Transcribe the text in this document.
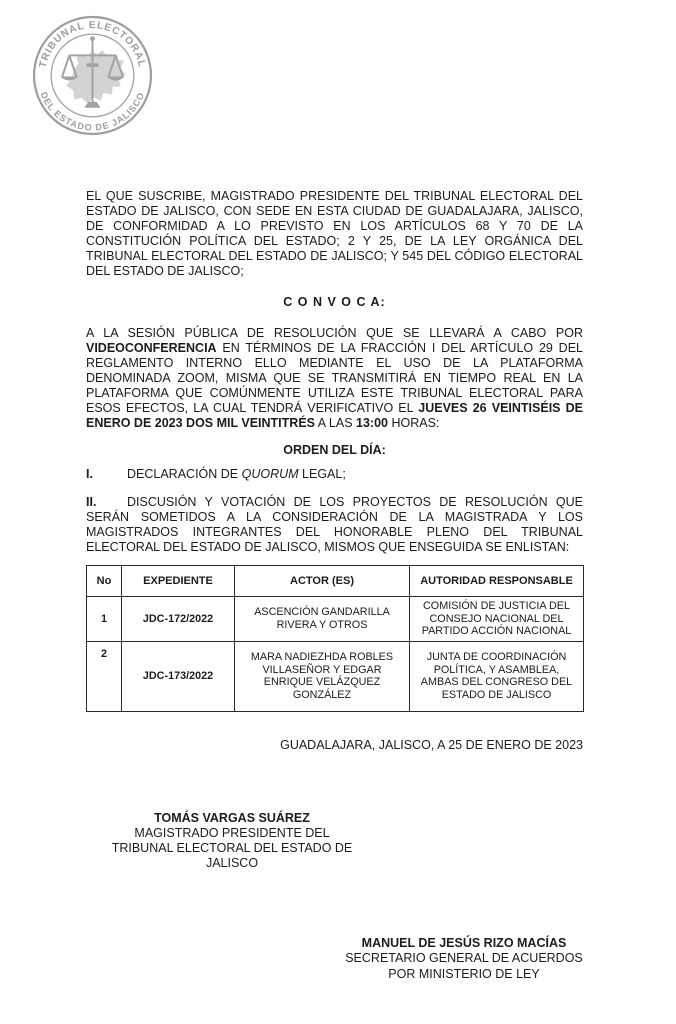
TRIBUNAL ELECTORAL
DEL ESTADO DE JALISCO

EL QUE SUSCRIBE, MAGISTRADO PRESIDENTE DEL TRIBUNAL ELECTORAL DEL ESTADO DE JALISCO, CON SEDE EN ESTA CIUDAD DE GUADALAJARA, JALISCO, DE CONFORMIDAD A LO PREVISTO EN LOS ARTÍCULOS 68 Y 70 DE LA CONSTITUCIÓN POLÍTICA DEL ESTADO; 2 Y 25, DE LA LEY ORGÁNICA DEL TRIBUNAL ELECTORAL DEL ESTADO DE JALISCO; Y 545 DEL CÓDIGO ELECTORAL DEL ESTADO DE JALISCO;

C O N V O C A:

A LA SESIÓN PÚBLICA DE RESOLUCIÓN QUE SE LLEVARÁ A CABO POR VIDEOCONFERENCIA EN TÉRMINOS DE LA FRACCIÓN I DEL ARTÍCULO 29 DEL REGLAMENTO INTERNO ELLO MEDIANTE EL USO DE LA PLATAFORMA DENOMINADA ZOOM, MISMA QUE SE TRANSMITIRÁ EN TIEMPO REAL EN LA PLATAFORMA QUE COMÚNMENTE UTILIZA ESTE TRIBUNAL ELECTORAL PARA ESOS EFECTOS, LA CUAL TENDRÁ VERIFICATIVO EL JUEVES 26 VEINTISÉIS DE ENERO DE 2023 DOS MIL VEINTITRÉS A LAS 13:00 HORAS:

ORDEN DEL DÍA:

I.	DECLARACIÓN DE QUORUM LEGAL;

II. DISCUSIÓN Y VOTACIÓN DE LOS PROYECTOS DE RESOLUCIÓN QUE SERÁN SOMETIDOS A LA CONSIDERACIÓN DE LA MAGISTRADA Y LOS MAGISTRADOS INTEGRANTES DEL HONORABLE PLENO DEL TRIBUNAL ELECTORAL DEL ESTADO DE JALISCO, MISMOS QUE ENSEGUIDA SE ENLISTAN:

No	EXPEDIENTE	ACTOR (ES)	AUTORIDAD RESPONSABLE
1	JDC-172/2022	ASCENCIÓN GANDARILLA RIVERA Y OTROS	COMISIÓN DE JUSTICIA DEL CONSEJO NACIONAL DEL PARTIDO ACCIÓN NACIONAL
2	JDC-173/2022	MARA NADIEZHDA ROBLES VILLASEÑOR Y EDGAR ENRIQUE VELÁZQUEZ GONZÁLEZ	JUNTA DE COORDINACIÓN POLÍTICA, Y ASAMBLEA, AMBAS DEL CONGRESO DEL ESTADO DE JALISCO

GUADALAJARA, JALISCO, A 25 DE ENERO DE 2023

TOMÁS VARGAS SUÁREZ
MAGISTRADO PRESIDENTE DEL
TRIBUNAL ELECTORAL DEL ESTADO DE JALISCO
MANUEL DE JESÚS RIZO MACÍAS
SECRETARIO GENERAL DE ACUERDOS
POR MINISTERIO DE LEY
